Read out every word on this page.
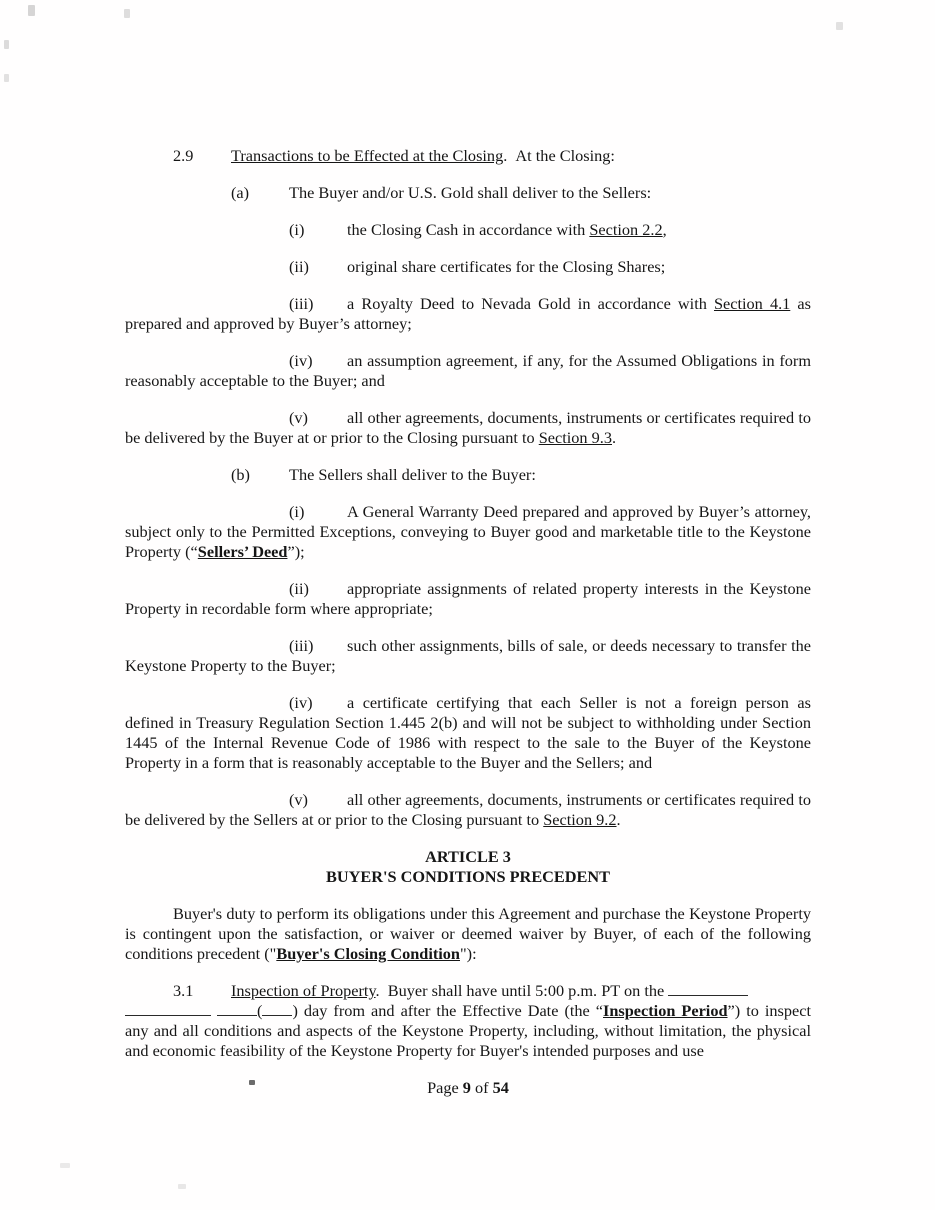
2.9 Transactions to be Effected at the Closing.  At the Closing:

(a) The Buyer and/or U.S. Gold shall deliver to the Sellers:

(i)	the Closing Cash in accordance with Section 2.2,

(ii) original share certificates for the Closing Shares;

(iii) a Royalty Deed to Nevada Gold in accordance with Section 4.1 as prepared and approved by Buyer’s attorney;

(iv) an assumption agreement, if any, for the Assumed Obligations in form reasonably acceptable to the Buyer; and

(v) all other agreements, documents, instruments or certificates required to be delivered by the Buyer at or prior to the Closing pursuant to Section 9.3.

(b) The Sellers shall deliver to the Buyer:

(i)	A General Warranty Deed prepared and approved by Buyer’s attorney, subject only to the Permitted Exceptions, conveying to Buyer good and marketable title to the Keystone Property (“Sellers’ Deed”);

(ii) appropriate assignments of related property interests in the Keystone Property in recordable form where appropriate;

(iii) such other assignments, bills of sale, or deeds necessary to transfer the Keystone Property to the Buyer;

(iv) a certificate certifying that each Seller is not a foreign person as defined in Treasury Regulation Section 1.445 2(b) and will not be subject to withholding under Section 1445 of the Internal Revenue Code of 1986 with respect to the sale to the Buyer of the Keystone Property in a form that is reasonably acceptable to the Buyer and the Sellers; and

(v) all other agreements, documents, instruments or certificates required to be delivered by the Sellers at or prior to the Closing pursuant to Section 9.2.

ARTICLE 3
BUYER'S CONDITIONS PRECEDENT

Buyer's duty to perform its obligations under this Agreement and purchase the Keystone Property is contingent upon the satisfaction, or waiver or deemed waiver by Buyer, of each of the following conditions precedent ("Buyer's Closing Condition"):

3.1 Inspection of Property.  Buyer shall have until 5:00 p.m. PT on the
( ) day from and after the Effective Date (the “Inspection Period”) to inspect any and all conditions and aspects of the Keystone Property, including, without limitation, the physical and economic feasibility of the Keystone Property for Buyer's intended purposes and use

Page 9 of 54
